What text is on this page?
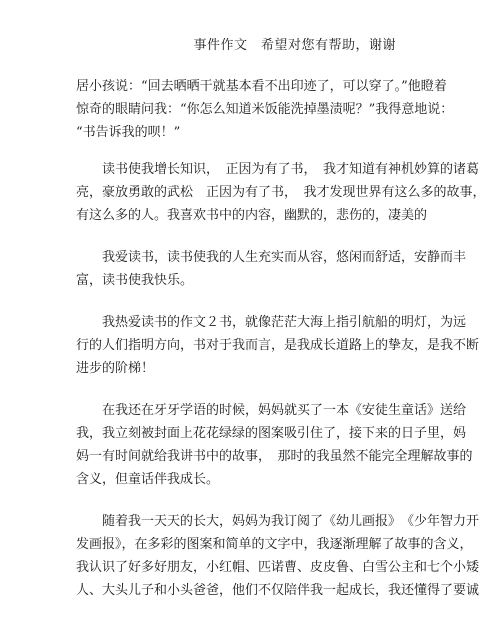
事件作文　希望对您有帮助，谢谢
居小孩说：“回去晒晒干就基本看不出印迹了，可以穿了。”他瞪着
惊奇的眼睛问我：“你怎么知道米饭能洗掉墨渍呢？”我得意地说：
“书告诉我的呗！”
　　读书使我增长知识，　正因为有了书，　我才知道有神机妙算的诸葛
亮，豪放勇敢的武松　正因为有了书，　我才发现世界有这么多的故事，
有这么多的人。我喜欢书中的内容，幽默的，悲伤的，凄美的
　　我爱读书，读书使我的人生充实而从容，悠闲而舒适，安静而丰
富，读书使我快乐。
　　我热爱读书的作文２书，就像茫茫大海上指引航船的明灯，为远
行的人们指明方向，书对于我而言，是我成长道路上的挚友，是我不断
进步的阶梯！
　　在我还在牙牙学语的时候，妈妈就买了一本《安徒生童话》送给
我，我立刻被封面上花花绿绿的图案吸引住了，接下来的日子里，妈
妈一有时间就给我讲书中的故事，　那时的我虽然不能完全理解故事的
含义，但童话伴我成长。
　　随着我一天天的长大，妈妈为我订阅了《幼儿画报》　《少年智力开
发画报》，在多彩的图案和简单的文字中，我逐渐理解了故事的含义，
我认识了好多好朋友，小红帽、匹诺曹、皮皮鲁、白雪公主和七个小矮
人、大头儿子和小头爸爸，他们不仅陪伴我一起成长，我还懂得了要诚
